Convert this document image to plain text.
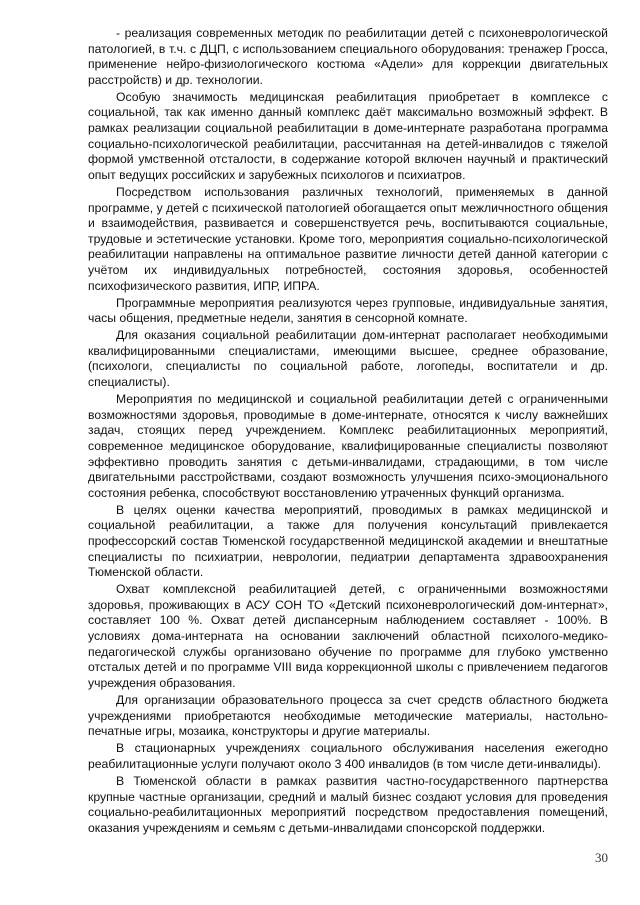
- реализация современных методик по реабилитации детей с психоневрологической патологией, в т.ч. с ДЦП, с использованием специального оборудования: тренажер Гросса, применение нейро-физиологического костюма «Адели» для коррекции двигательных расстройств) и др. технологии.

Особую значимость медицинская реабилитация приобретает в комплексе с социальной, так как именно данный комплекс даёт максимально возможный эффект. В рамках реализации социальной реабилитации в доме-интернате разработана программа социально-психологической реабилитации, рассчитанная на детей-инвалидов с тяжелой формой умственной отсталости, в содержание которой включен научный и практический опыт ведущих российских и зарубежных психологов и психиатров.

Посредством использования различных технологий, применяемых в данной программе, у детей с психической патологией обогащается опыт межличностного общения и взаимодействия, развивается и совершенствуется речь, воспитываются социальные, трудовые и эстетические установки. Кроме того, мероприятия социально-психологической реабилитации направлены на оптимальное развитие личности детей данной категории с учётом их индивидуальных потребностей, состояния здоровья, особенностей психофизического развития, ИПР, ИПРА.

Программные мероприятия реализуются через групповые, индивидуальные занятия, часы общения, предметные недели, занятия в сенсорной комнате.

Для оказания социальной реабилитации дом-интернат располагает необходимыми квалифицированными специалистами, имеющими высшее, среднее образование, (психологи, специалисты по социальной работе, логопеды, воспитатели и др. специалисты).

Мероприятия по медицинской и социальной реабилитации детей с ограниченными возможностями здоровья, проводимые в доме-интернате, относятся к числу важнейших задач, стоящих перед учреждением. Комплекс реабилитационных мероприятий, современное медицинское оборудование, квалифицированные специалисты позволяют эффективно проводить занятия с детьми-инвалидами, страдающими, в том числе двигательными расстройствами, создают возможность улучшения психо-эмоционального состояния ребенка, способствуют восстановлению утраченных функций организма.

В целях оценки качества мероприятий, проводимых в рамках медицинской и социальной реабилитации, а также для получения консультаций привлекается профессорский состав Тюменской государственной медицинской академии и внештатные специалисты по психиатрии, неврологии, педиатрии департамента здравоохранения Тюменской области.

Охват комплексной реабилитацией детей, с ограниченными возможностями здоровья, проживающих в АСУ СОН ТО «Детский психоневрологический дом-интернат», составляет 100 %. Охват детей диспансерным наблюдением составляет - 100%. В условиях дома-интерната на основании заключений областной психолого-медико-педагогической службы организовано обучение по программе для глубоко умственно отсталых детей и по программе VIII вида коррекционной школы с привлечением педагогов учреждения образования.

Для организации образовательного процесса за счет средств областного бюджета учреждениями приобретаются необходимые методические материалы, настольно-печатные игры, мозаика, конструкторы и другие материалы.

В стационарных учреждениях социального обслуживания населения ежегодно реабилитационные услуги получают около 3 400 инвалидов (в том числе дети-инвалиды).

В Тюменской области в рамках развития частно-государственного партнерства крупные частные организации, средний и малый бизнес создают условия для проведения социально-реабилитационных мероприятий посредством предоставления помещений, оказания учреждениям и семьям с детьми-инвалидами спонсорской поддержки.

30
